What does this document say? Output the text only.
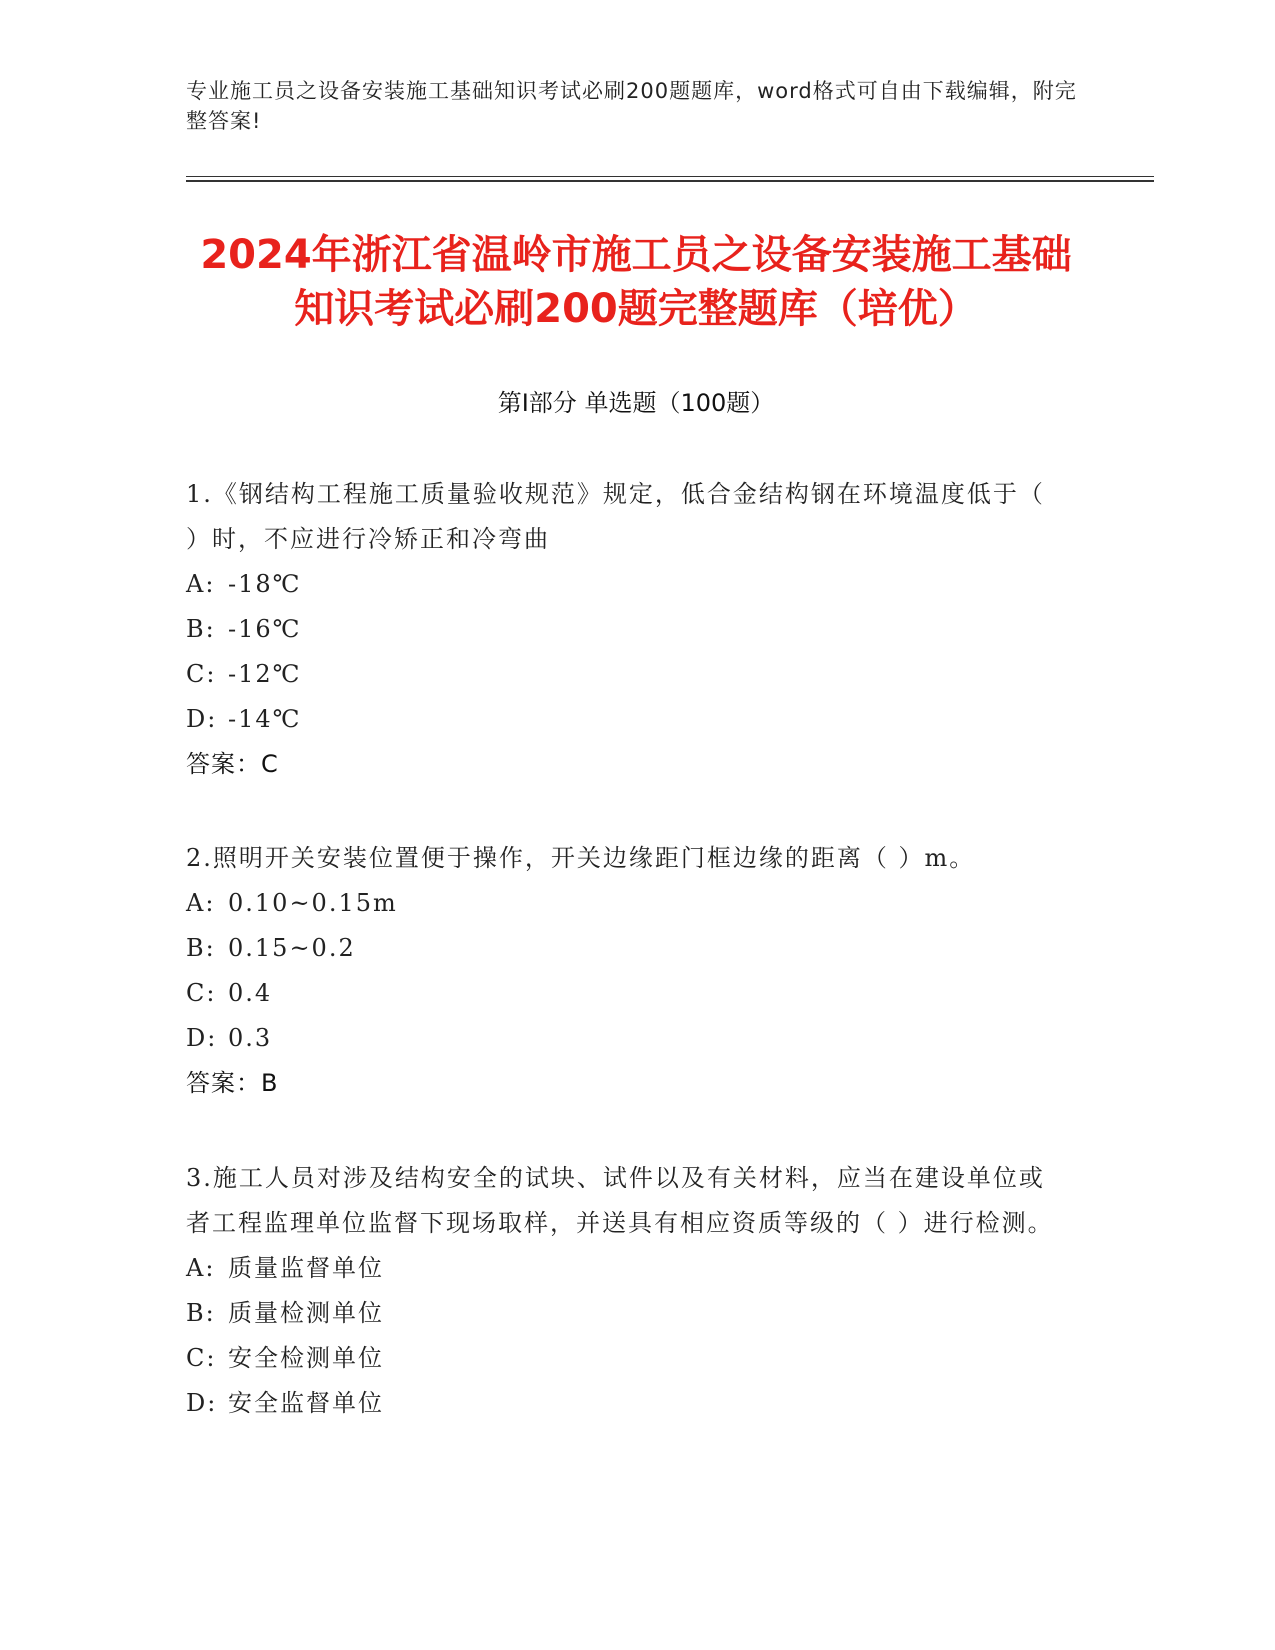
专业施工员之设备安装施工基础知识考试必刷200题题库，word格式可自由下载编辑，附完整答案!
2024年浙江省温岭市施工员之设备安装施工基础知识考试必刷200题完整题库（培优）
第Ⅰ部分 单选题（100题）

1.《钢结构工程施工质量验收规范》规定，低合金结构钢在环境温度低于（ ）时，不应进行冷矫正和冷弯曲

A: -18℃
B: -16℃
C: -12℃
D: -14℃

答案：C

2.照明开关安装位置便于操作，开关边缘距门框边缘的距离（ ）m。

A: 0.10~0.15m
B: 0.15~0.2
C: 0.4
D: 0.3

答案：B

3.施工人员对涉及结构安全的试块、试件以及有关材料，应当在建设单位或者工程监理单位监督下现场取样，并送具有相应资质等级的（ ）进行检测。

A: 质量监督单位
B: 质量检测单位
C: 安全检测单位
D: 安全监督单位
